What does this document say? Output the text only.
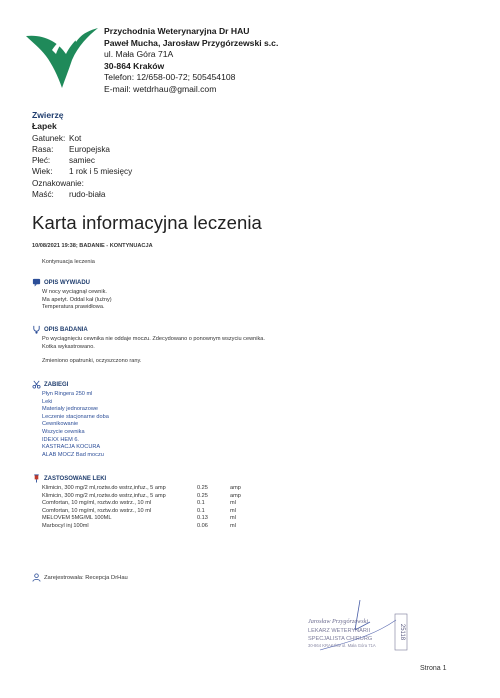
Przychodnia Weterynaryjna Dr HAU
Paweł Mucha, Jarosław Przygórzewski s.c.
ul. Mała Góra 71A
30-864 Kraków
Telefon: 12/658-00-72; 505454108
E-mail: wetdrhau@gmail.com
Zwierzę
Łapek
Gatunek: Kot
Rasa:	Europejska
Płeć:	samiec
Wiek:	1 rok i 5 miesięcy
Oznakowanie:
Maść:	rudo-biała
Karta informacyjna leczenia
10/08/2021 19:38; BADANIE - KONTYNUACJA
Kontynuacja leczenia
OPIS WYWIADU
W nocy wyciągnął cewnik.
Ma apetyt. Oddal kał (luźny)
Temperatura prawidłowa.
OPIS BADANIA
Po wyciągnięciu cewnika nie oddaje moczu. Zdecydowano o ponownym wszyciu cewnika.
Kotka wykastrowano.
Zmieniono opatrunki, oczyszczono rany.
ZABIEGI
Płyn Ringera 250 ml
Leki
Materiały jednorazowe
Leczenie stacjonarne doba
Cewnikowanie
Wszycie cewnika
IDEXX HEM 6.
KASTRACJA KOCURA
ALAB MOCZ Bad moczu
ZASTOSOWANE LEKI
Klimicin, 300 mg/2 ml,roztw.do wstrz,infuz., 5 amp	0.25	amp
Klimicin, 300 mg/2 ml,roztw.do wstrz,infuz., 5 amp	0.25	amp
Comfortan, 10 mg/ml, roztw.do wstrz., 10 ml	0.1	ml
Comfortan, 10 mg/ml, roztw.do wstrz., 10 ml	0.1	ml
MELOVEM 5MG/ML 100ML	0.13	ml
Marbocyl inj 100ml	0.06	ml
Zarejestrowała: Recepcja DrHau
Jarosław Przygórzewski
LEKARZ WETERYNARII
SPECJALISTA CHIRURG
30-864 KRAKÓW ul. Mała Góra 71A
25118
Strona 1
